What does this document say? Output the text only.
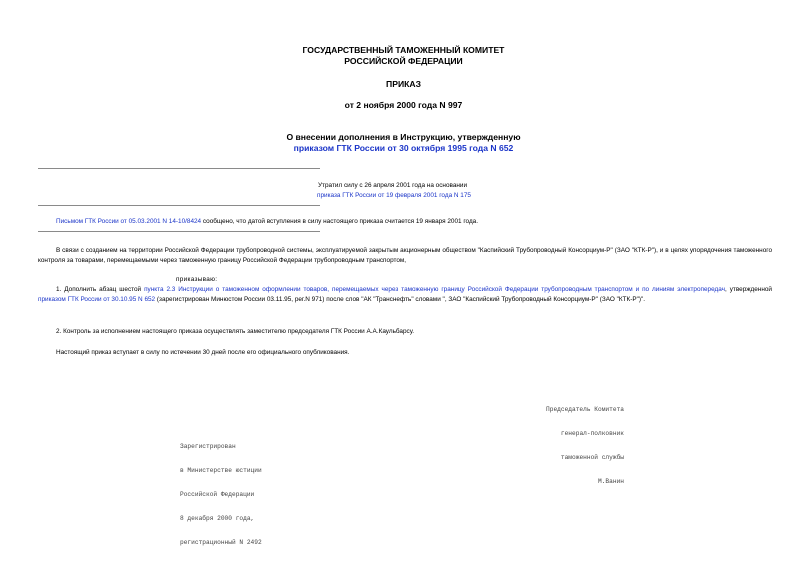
ГОСУДАРСТВЕННЫЙ ТАМОЖЕННЫЙ КОМИТЕТ
РОССИЙСКОЙ ФЕДЕРАЦИИ
ПРИКАЗ
от 2 ноября 2000 года N 997
О внесении дополнения в Инструкцию, утвержденную
приказом ГТК России от 30 октября 1995 года N 652
Утратил силу с 26 апреля 2001 года на основании
приказа ГТК России от 19 февраля 2001 года N 175
Письмом ГТК России от 05.03.2001 N 14-10/8424 сообщено, что датой вступления в силу настоящего приказа считается 19 января 2001 года.
В связи с созданием на территории Российской Федерации трубопроводной системы, эксплуатируемой закрытым акционерным обществом "Каспийский Трубопроводный Консорциум-Р" (ЗАО "КТК-Р"), и в целях упорядочения таможенного контроля за товарами, перемещаемыми через таможенную границу Российской Федерации трубопроводным транспортом,
приказываю:
1. Дополнить абзац шестой пункта 2.3 Инструкции о таможенном оформлении товаров, перемещаемых через таможенную границу Российской Федерации трубопроводным транспортом и по линиям электропередач, утвержденной приказом ГТК России от 30.10.95 N 652 (зарегистрирован Минюстом России 03.11.95, рег.N 971) после слов "АК "Транснефть" словами ", ЗАО "Каспийский Трубопроводный Консорциум-Р" (ЗАО "КТК-Р")".
2. Контроль за исполнением настоящего приказа осуществлять заместителю председателя ГТК России А.А.Каульбарсу.
Настоящий приказ вступает в силу по истечении 30 дней после его официального опубликования.

Председатель Комитета

генерал-полковник

таможенной службы

М.Ванин

Зарегистрирован

в Министерстве юстиции

Российской Федерации

8 декабря 2000 года,

регистрационный N 2492
